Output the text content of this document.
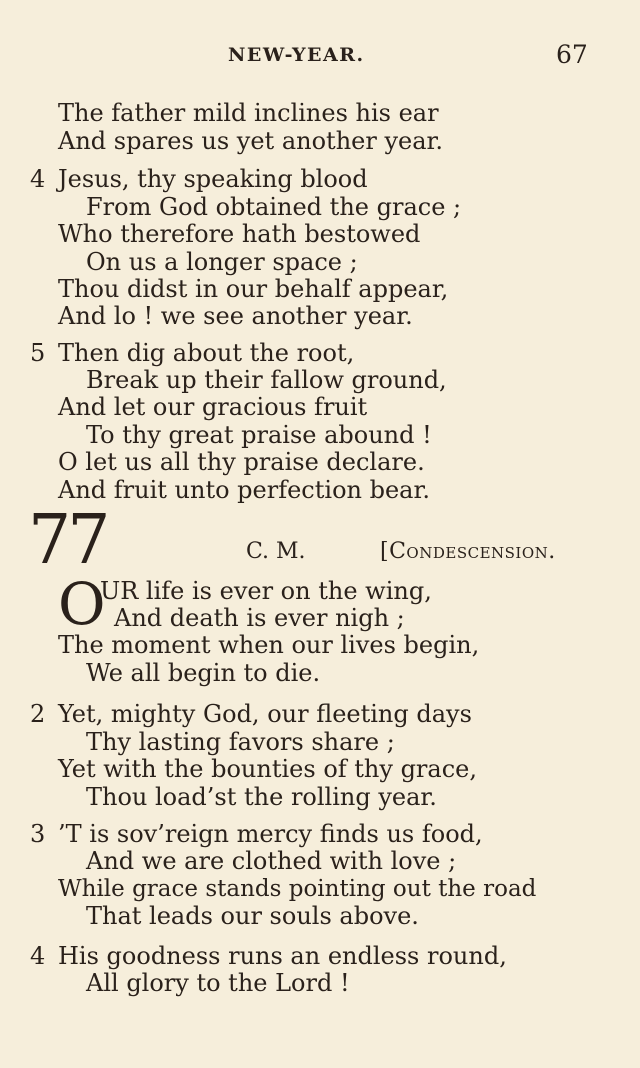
NEW-YEAR.	67
The father mild inclines his ear
And spares us yet another year.
4 Jesus, thy speaking blood
From God obtained the grace ;
Who therefore hath bestowed
On us a longer space ;
Thou didst in our behalf appear,
And lo ! we see another year.
5 Then dig about the root,
Break up their fallow ground,
And let our gracious fruit
To thy great praise abound !
O let us all thy praise declare.
And fruit unto perfection bear.
77	C. M.	[Condescension.
O
UR life is ever on the wing,
And death is ever nigh ;
The moment when our lives begin,
We all begin to die.
2 Yet, mighty God, our fleeting days
Thy lasting favors share ;
Yet with the bounties of thy grace,
Thou load’st the rolling year.
3 ’T is sov’reign mercy finds us food,
And we are clothed with love ;
While grace stands pointing out the road
That leads our souls above.
4 His goodness runs an endless round,
All glory to the Lord !
